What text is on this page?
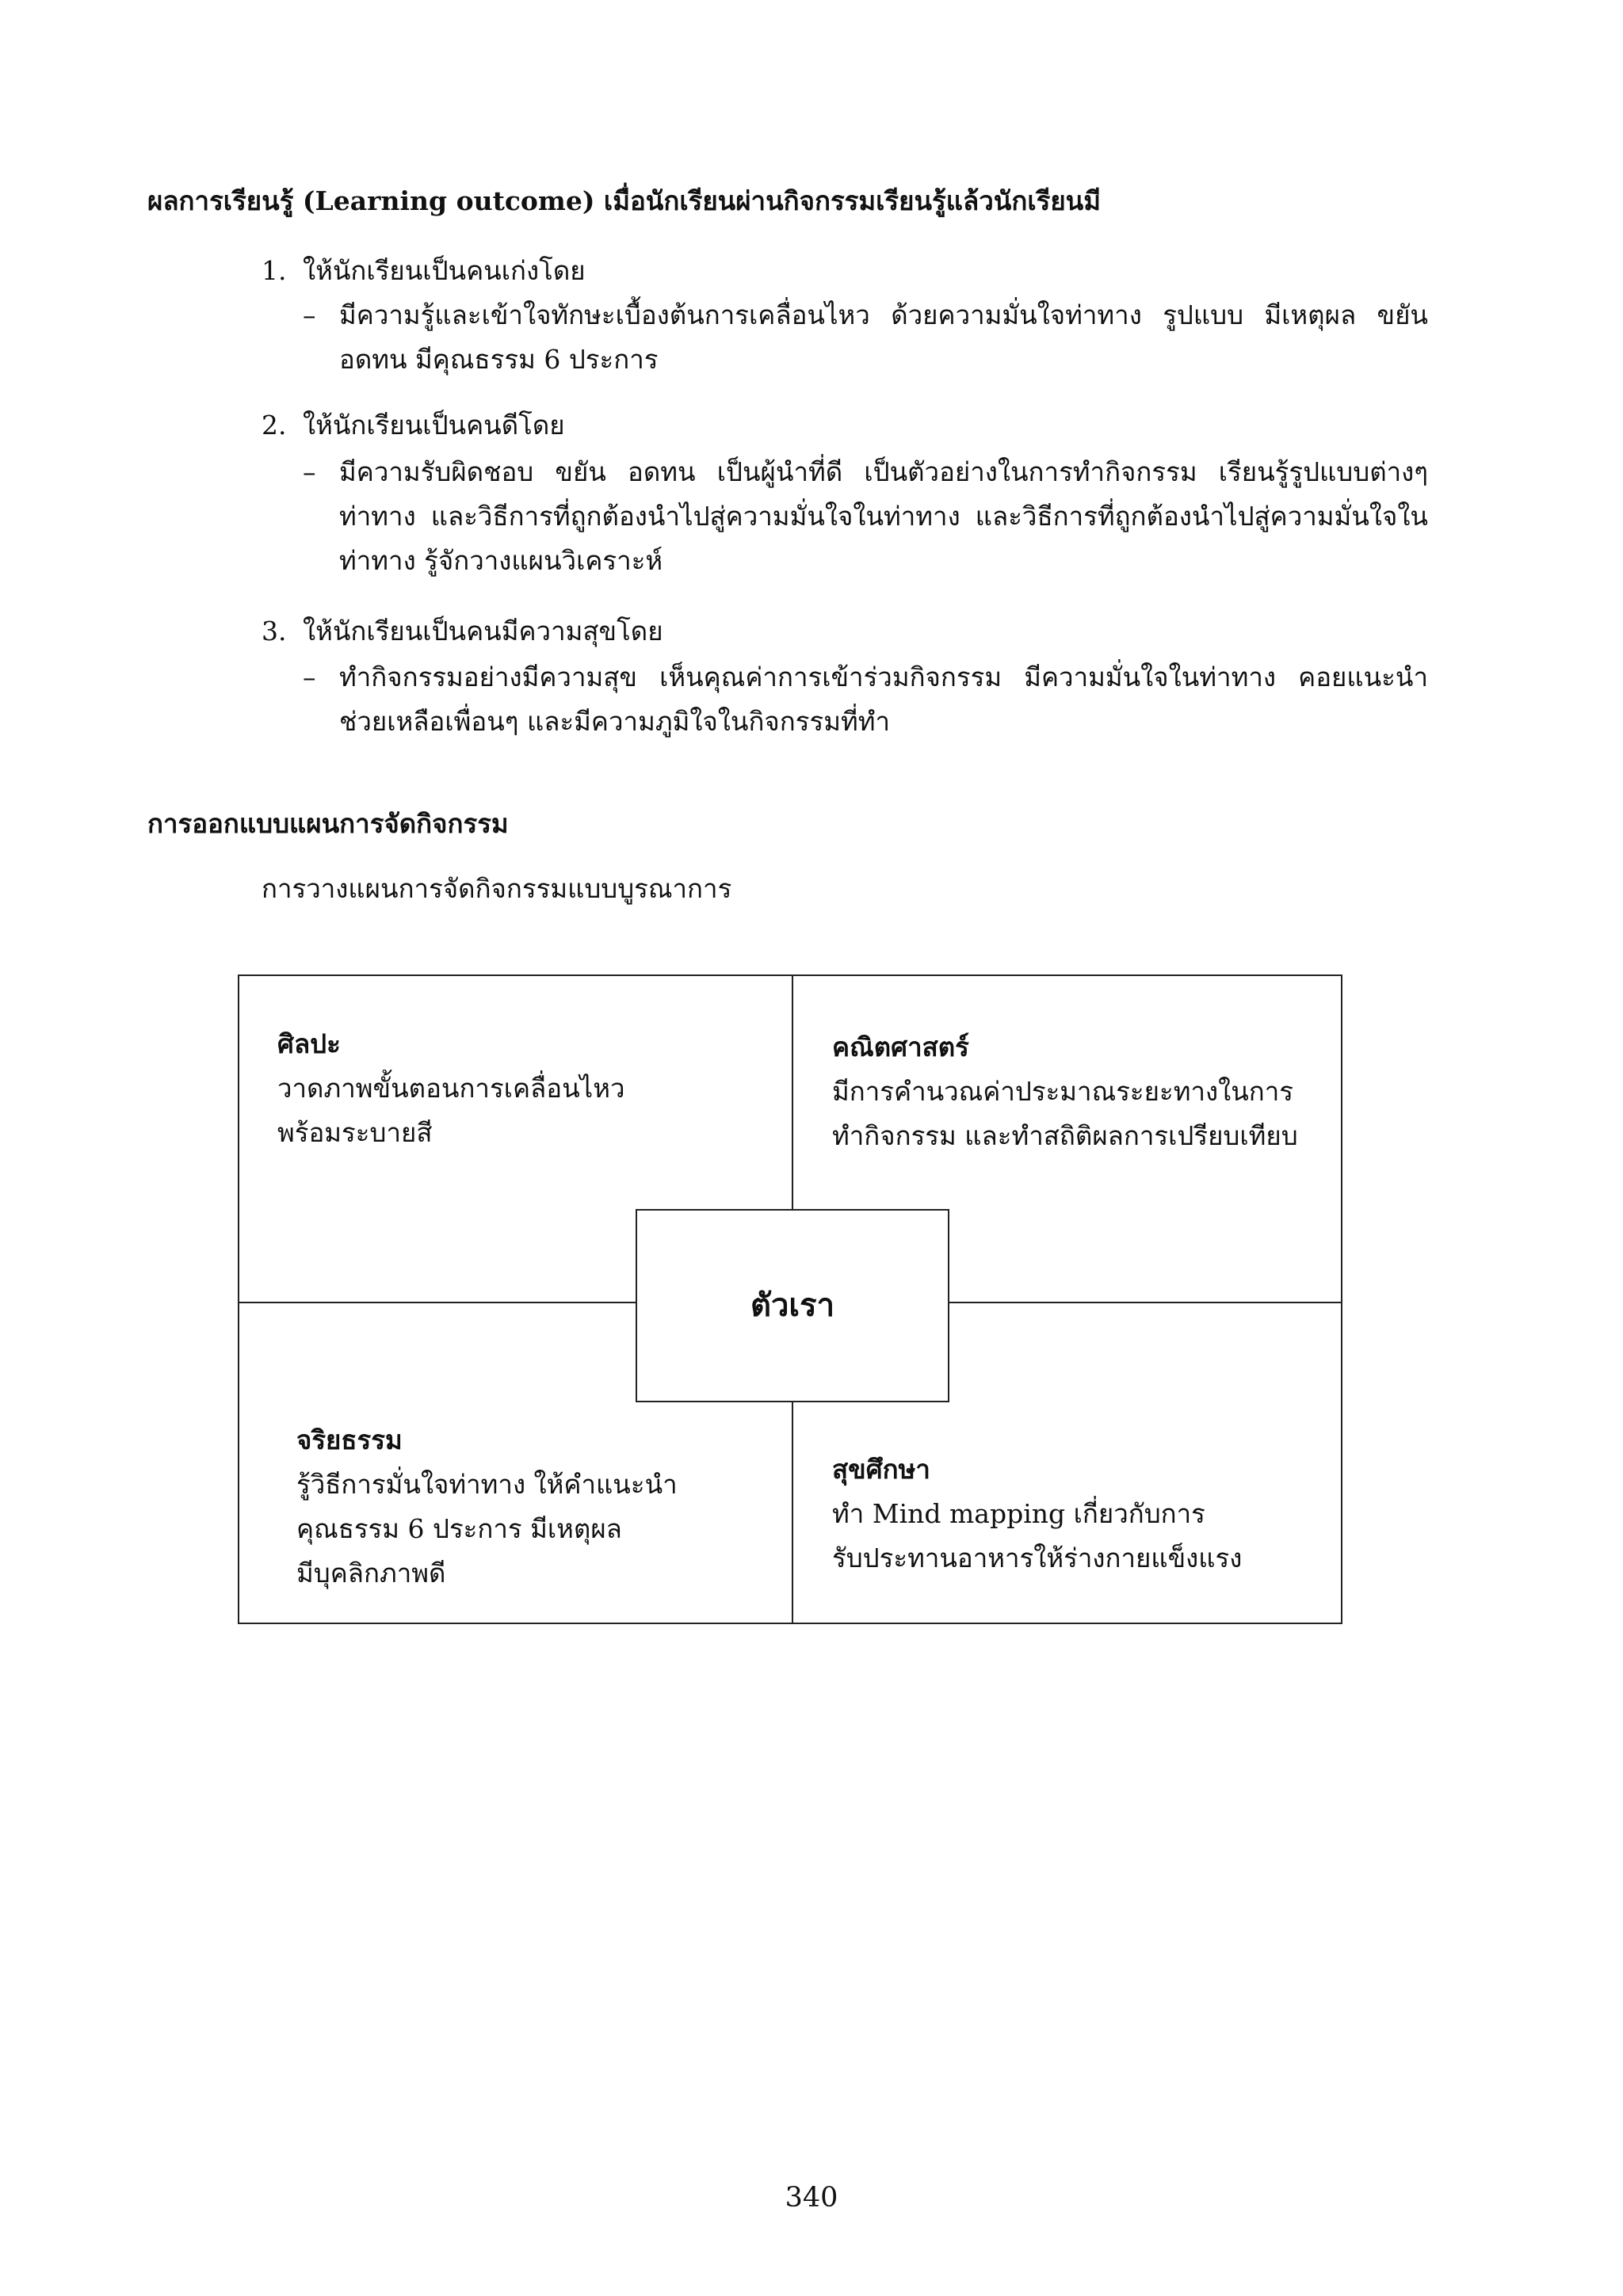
ผลการเรียนรู้ (Learning outcome) เมื่อนักเรียนผ่านกิจกรรมเรียนรู้แล้วนักเรียนมี
1. ให้นักเรียนเป็นคนเก่งโดย
– มีความรู้และเข้าใจทักษะเบื้องต้นการเคลื่อนไหว ด้วยความมั่นใจท่าทาง รูปแบบ มีเหตุผล ขยัน อดทน มีคุณธรรม 6 ประการ
2. ให้นักเรียนเป็นคนดีโดย
– มีความรับผิดชอบ ขยัน อดทน เป็นผู้นำที่ดี เป็นตัวอย่างในการทำกิจกรรม เรียนรู้รูปแบบต่างๆ ท่าทาง และวิธีการที่ถูกต้องนำไปสู่ความมั่นใจในท่าทาง และวิธีการที่ถูกต้องนำไปสู่ความมั่นใจในท่าทาง รู้จักวางแผนวิเคราะห์
3. ให้นักเรียนเป็นคนมีความสุขโดย
– ทำกิจกรรมอย่างมีความสุข เห็นคุณค่าการเข้าร่วมกิจกรรม มีความมั่นใจในท่าทาง คอยแนะนำช่วยเหลือเพื่อนๆ และมีความภูมิใจในกิจกรรมที่ทำ
การออกแบบแผนการจัดกิจกรรม
การวางแผนการจัดกิจกรรมแบบบูรณาการ
ศิลปะ
วาดภาพขั้นตอนการเคลื่อนไหว
พร้อมระบายสี
คณิตศาสตร์
มีการคำนวณค่าประมาณระยะทางในการ
ทำกิจกรรม และทำสถิติผลการเปรียบเทียบ
จริยธรรม
รู้วิธีการมั่นใจท่าทาง ให้คำแนะนำ
คุณธรรม 6 ประการ มีเหตุผล
มีบุคลิกภาพดี
สุขศึกษา
ทำ Mind mapping เกี่ยวกับการ
รับประทานอาหารให้ร่างกายแข็งแรง
ตัวเรา
340
